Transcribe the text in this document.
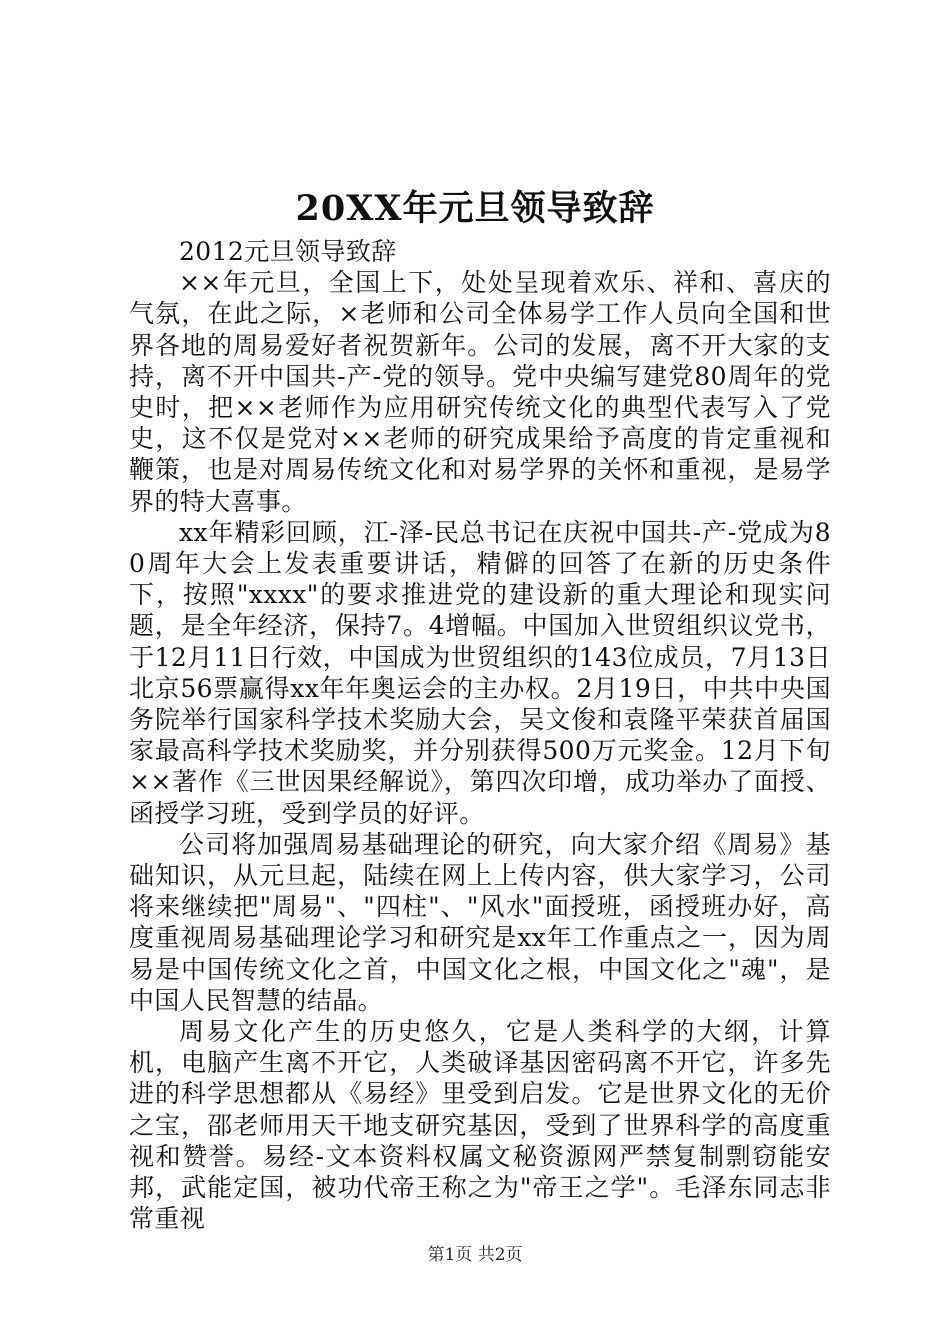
20XX年元旦领导致辞

2012元旦领导致辞

××年元旦，全国上下，处处呈现着欢乐、祥和、喜庆的气氛，在此之际，×老师和公司全体易学工作人员向全国和世界各地的周易爱好者祝贺新年。公司的发展，离不开大家的支持，离不开中国共-产-党的领导。党中央编写建党80周年的党史时，把××老师作为应用研究传统文化的典型代表写入了党史，这不仅是党对××老师的研究成果给予高度的肯定重视和鞭策，也是对周易传统文化和对易学界的关怀和重视，是易学界的特大喜事。

xx年精彩回顾，江-泽-民总书记在庆祝中国共-产-党成为80周年大会上发表重要讲话，精僻的回答了在新的历史条件下，按照"xxxx"的要求推进党的建设新的重大理论和现实问题，是全年经济，保持7。4增幅。中国加入世贸组织议党书，于12月11日行效，中国成为世贸组织的143位成员，7月13日北京56票赢得xx年年奥运会的主办权。2月19日，中共中央国务院举行国家科学技术奖励大会，吴文俊和袁隆平荣获首届国家最高科学技术奖励奖，并分别获得500万元奖金。12月下旬××著作《三世因果经解说》，第四次印增，成功举办了面授、函授学习班，受到学员的好评。

公司将加强周易基础理论的研究，向大家介绍《周易》基础知识，从元旦起，陆续在网上上传内容，供大家学习，公司将来继续把"周易"、"四柱"、"风水"面授班，函授班办好，高度重视周易基础理论学习和研究是xx年工作重点之一，因为周易是中国传统文化之首，中国文化之根，中国文化之"魂"，是中国人民智慧的结晶。

周易文化产生的历史悠久，它是人类科学的大纲，计算机，电脑产生离不开它，人类破译基因密码离不开它，许多先进的科学思想都从《易经》里受到启发。它是世界文化的无价之宝，邵老师用天干地支研究基因，受到了世界科学的高度重视和赞誉。易经-文本资料权属文秘资源网严禁复制剽窃能安邦，武能定国，被功代帝王称之为"帝王之学"。毛泽东同志非常重视

第1页 共2页
